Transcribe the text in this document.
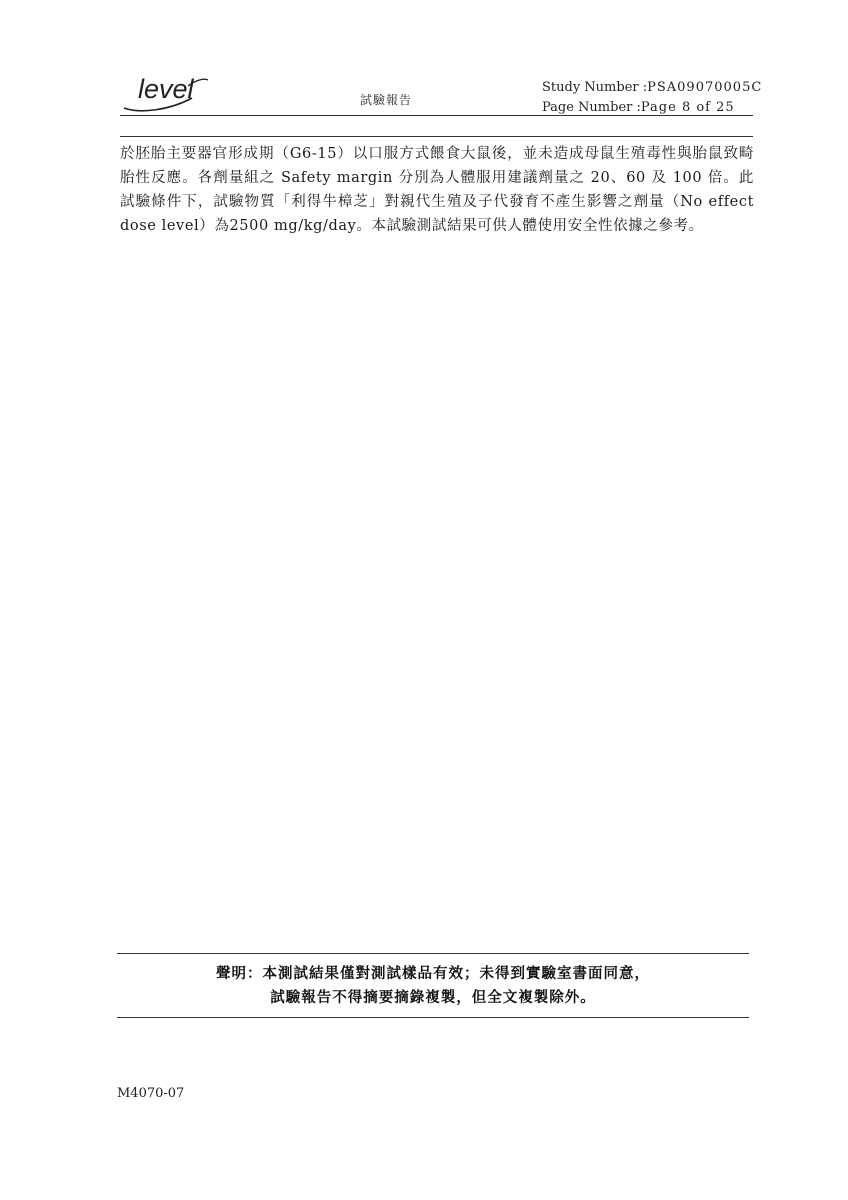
level	試驗報告
Study Number :PSA09070005C
Page Number :Page 8 of 25
於胚胎主要器官形成期（G6-15）以口服方式餵食大鼠後，並未造成母鼠生殖毒性與胎鼠致畸胎性反應。各劑量組之 Safety margin 分別為人體服用建議劑量之 20、60 及 100 倍。此試驗條件下，試驗物質「利得牛樟芝」對親代生殖及子代發育不產生影響之劑量（No effect dose level）為2500 mg/kg/day。本試驗測試結果可供人體使用安全性依據之參考。
聲明：本測試結果僅對測試樣品有效；未得到實驗室書面同意，
試驗報告不得摘要摘錄複製，但全文複製除外。
M4070-07
